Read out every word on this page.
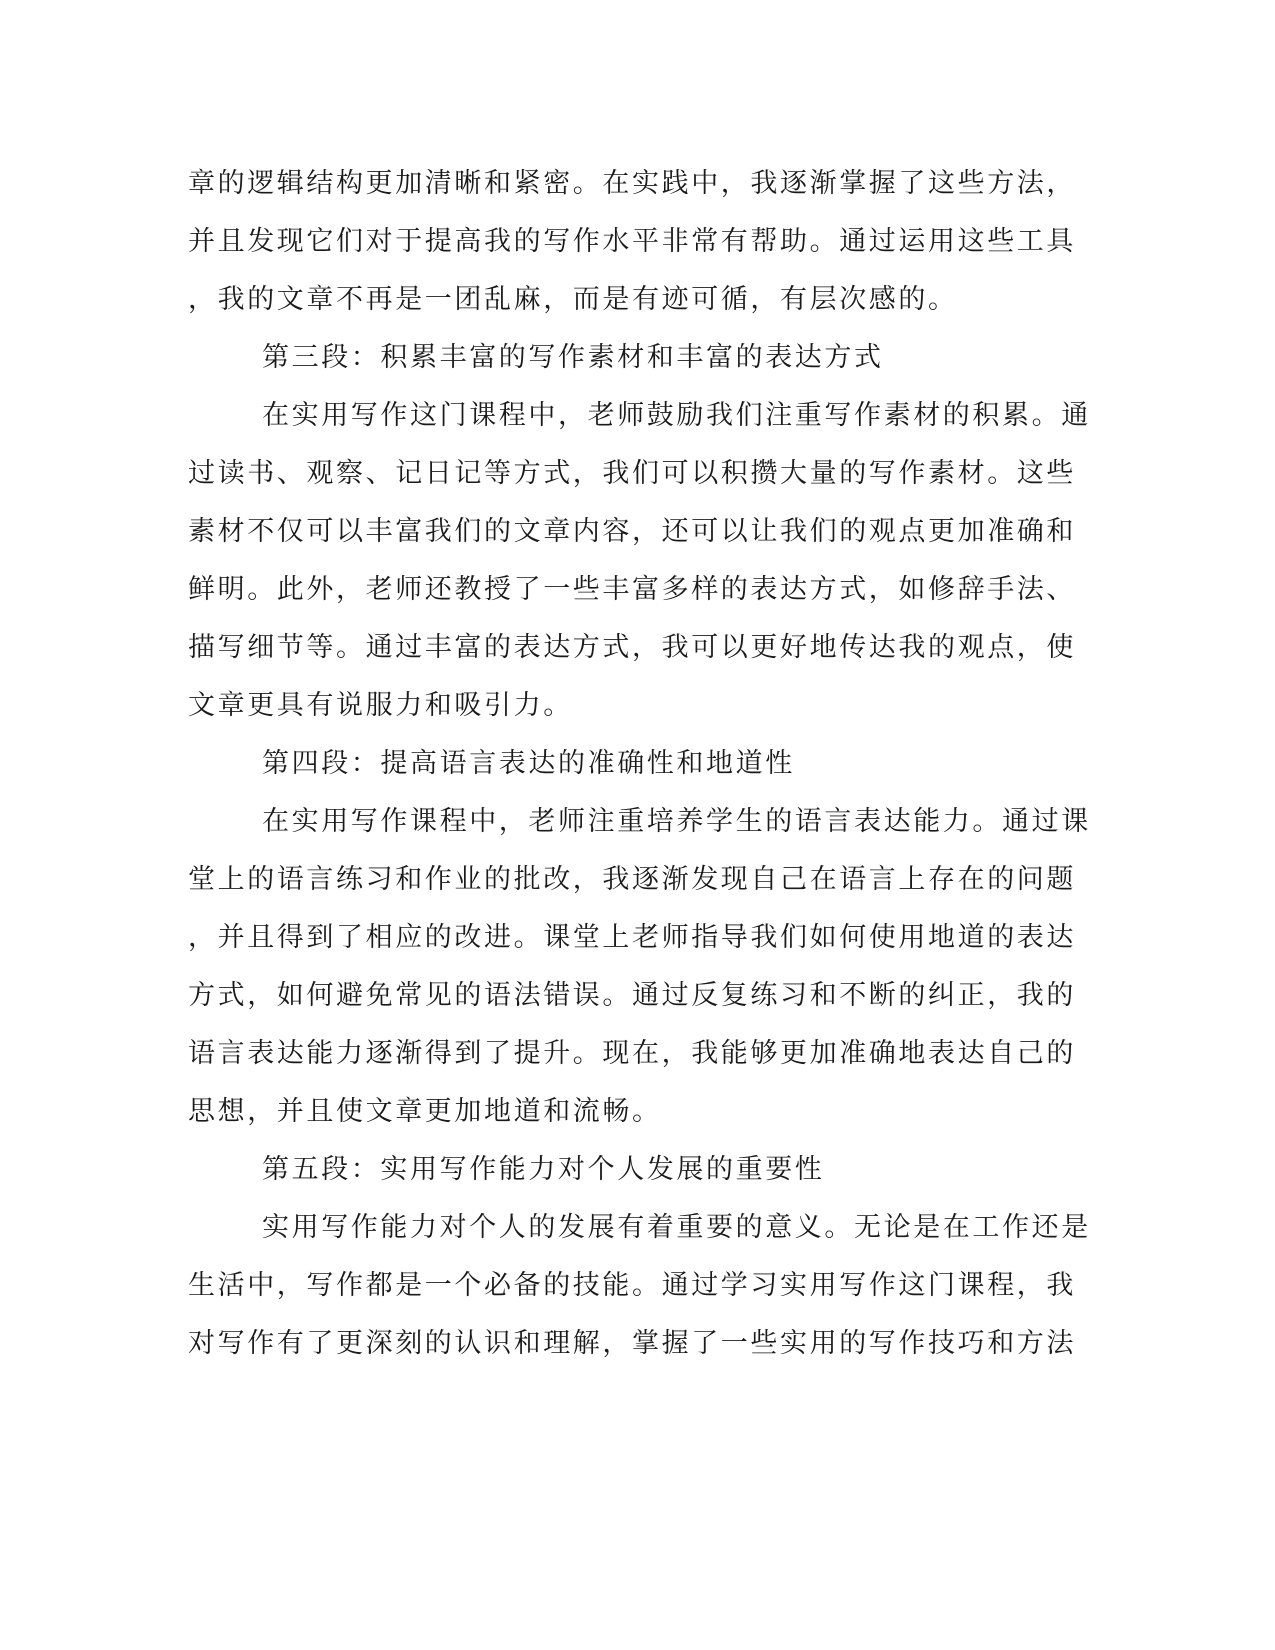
章的逻辑结构更加清晰和紧密。在实践中，我逐渐掌握了这些方法，
并且发现它们对于提高我的写作水平非常有帮助。通过运用这些工具
，我的文章不再是一团乱麻，而是有迹可循，有层次感的。
第三段：积累丰富的写作素材和丰富的表达方式
在实用写作这门课程中，老师鼓励我们注重写作素材的积累。通
过读书、观察、记日记等方式，我们可以积攒大量的写作素材。这些
素材不仅可以丰富我们的文章内容，还可以让我们的观点更加准确和
鲜明。此外，老师还教授了一些丰富多样的表达方式，如修辞手法、
描写细节等。通过丰富的表达方式，我可以更好地传达我的观点，使
文章更具有说服力和吸引力。
第四段：提高语言表达的准确性和地道性
在实用写作课程中，老师注重培养学生的语言表达能力。通过课
堂上的语言练习和作业的批改，我逐渐发现自己在语言上存在的问题
，并且得到了相应的改进。课堂上老师指导我们如何使用地道的表达
方式，如何避免常见的语法错误。通过反复练习和不断的纠正，我的
语言表达能力逐渐得到了提升。现在，我能够更加准确地表达自己的
思想，并且使文章更加地道和流畅。
第五段：实用写作能力对个人发展的重要性
实用写作能力对个人的发展有着重要的意义。无论是在工作还是
生活中，写作都是一个必备的技能。通过学习实用写作这门课程，我
对写作有了更深刻的认识和理解，掌握了一些实用的写作技巧和方法
